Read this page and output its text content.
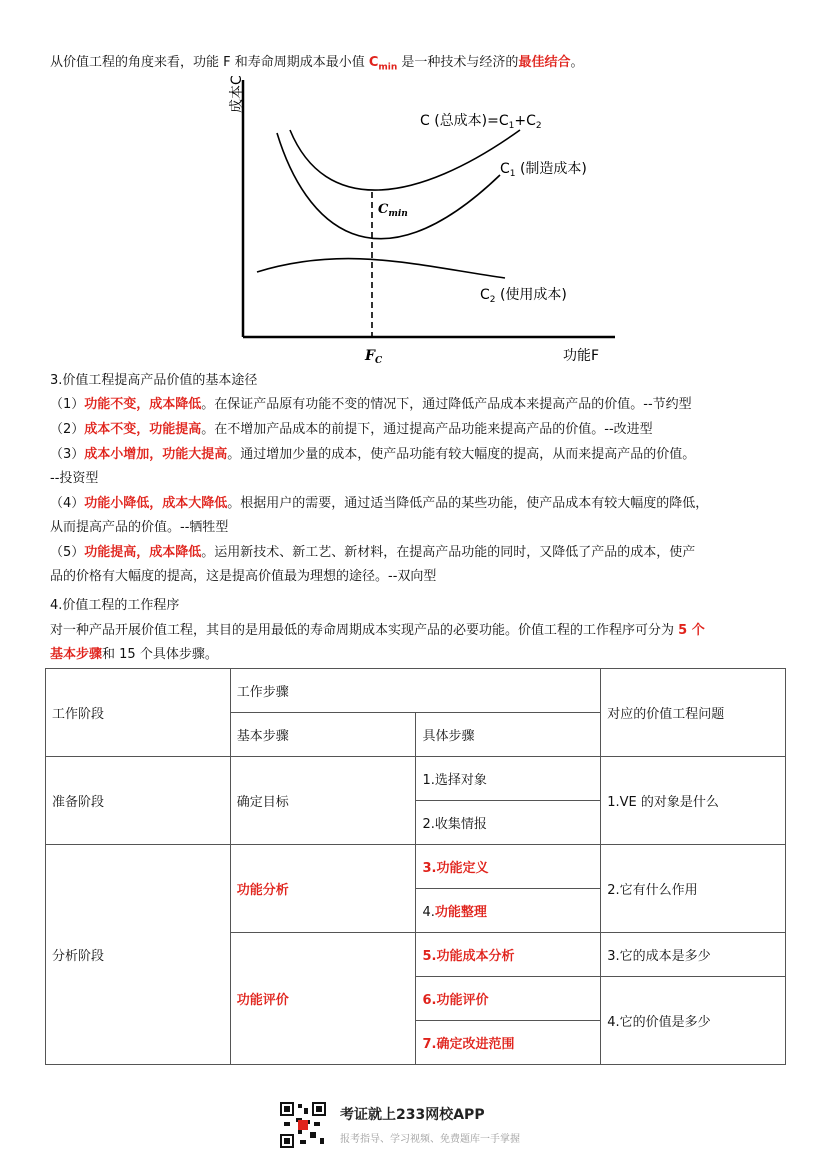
从价值工程的角度来看，功能 F 和寿命周期成本最小值 $C_{min}$ 是一种技术与经济的最佳结合。
成本C
功能F
$C_{min}$
$F_C$
C (总成本)$=C_1+C_2$
$C_1$ (制造成本)
$C_2$ (使用成本)
3.价值工程提高产品价值的基本途径
（1）功能不变，成本降低。在保证产品原有功能不变的情况下，通过降低产品成本来提高产品的价值。--节约型
（2）成本不变，功能提高。在不增加产品成本的前提下，通过提高产品功能来提高产品的价值。--改进型
（3）成本小增加，功能大提高。通过增加少量的成本，使产品功能有较大幅度的提高，从而来提高产品的价值。
--投资型
（4）功能小降低，成本大降低。根据用户的需要，通过适当降低产品的某些功能，使产品成本有较大幅度的降低，
从而提高产品的价值。--牺牲型
（5）功能提高，成本降低。运用新技术、新工艺、新材料，在提高产品功能的同时，又降低了产品的成本，使产
品的价格有大幅度的提高，这是提高价值最为理想的途径。--双向型
4.价值工程的工作程序
对一种产品开展价值工程，其目的是用最低的寿命周期成本实现产品的必要功能。价值工程的工作程序可分为 5 个
基本步骤和 15 个具体步骤。
工作阶段	工作步骤		对应的价值工程问题
	基本步骤	具体步骤	
准备阶段	确定目标	1.选择对象	1.VE 的对象是什么
		2.收集情报	
分析阶段	功能分析	3.功能定义	2.它有什么作用
		4.功能整理	
	功能评价	5.功能成本分析	3.它的成本是多少
		6.功能评价	4.它的价值是多少
		7.确定改进范围	
考证就上233网校APP
报考指导、学习视频、免费题库一手掌握
